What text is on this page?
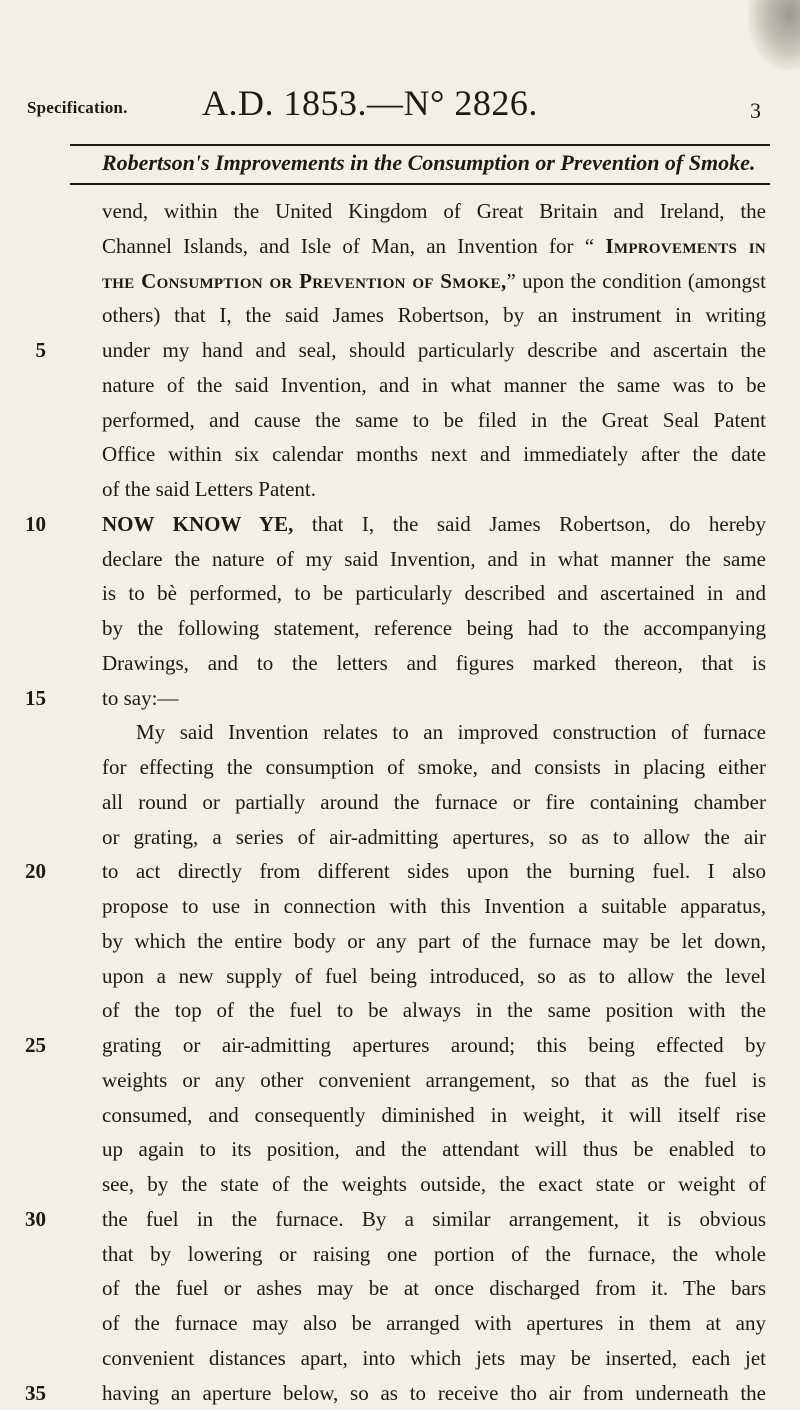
Specification. A.D. 1853.—N° 2826.	3
Robertson's Improvements in the Consumption or Prevention of Smoke.
vend, within the United Kingdom of Great Britain and Ireland, the
Channel Islands, and Isle of Man, an Invention for “ Improvements in
the Consumption or Prevention of Smoke,” upon the condition (amongst
others) that I, the said James Robertson, by an instrument in writing
5	under my hand and seal, should particularly describe and ascertain the
nature of the said Invention, and in what manner the same was to be
performed, and cause the same to be filed in the Great Seal Patent
Office within six calendar months next and immediately after the date
of the said Letters Patent.
10	NOW KNOW YE, that I, the said James Robertson, do hereby
declare the nature of my said Invention, and in what manner the same
is to bè performed, to be particularly described and ascertained in and
by the following statement, reference being had to the accompanying
Drawings, and to the letters and figures marked thereon, that is
15	to say:—
My said Invention relates to an improved construction of furnace
for effecting the consumption of smoke, and consists in placing either
all round or partially around the furnace or fire containing chamber
or grating, a series of air-admitting apertures, so as to allow the air
20	to act directly from different sides upon the burning fuel. I also
propose to use in connection with this Invention a suitable apparatus,
by which the entire body or any part of the furnace may be let down,
upon a new supply of fuel being introduced, so as to allow the level
of the top of the fuel to be always in the same position with the
25	grating or air-admitting apertures around; this being effected by
weights or any other convenient arrangement, so that as the fuel is
consumed, and consequently diminished in weight, it will itself rise
up again to its position, and the attendant will thus be enabled to
see, by the state of the weights outside, the exact state or weight of
30	the fuel in the furnace. By a similar arrangement, it is obvious
that by lowering or raising one portion of the furnace, the whole
of the fuel or ashes may be at once discharged from it. The bars
of the furnace may also be arranged with apertures in them at any
convenient distances apart, into which jets may be inserted, each jet
35	having an aperture below, so as to receive tho air from underneath the
